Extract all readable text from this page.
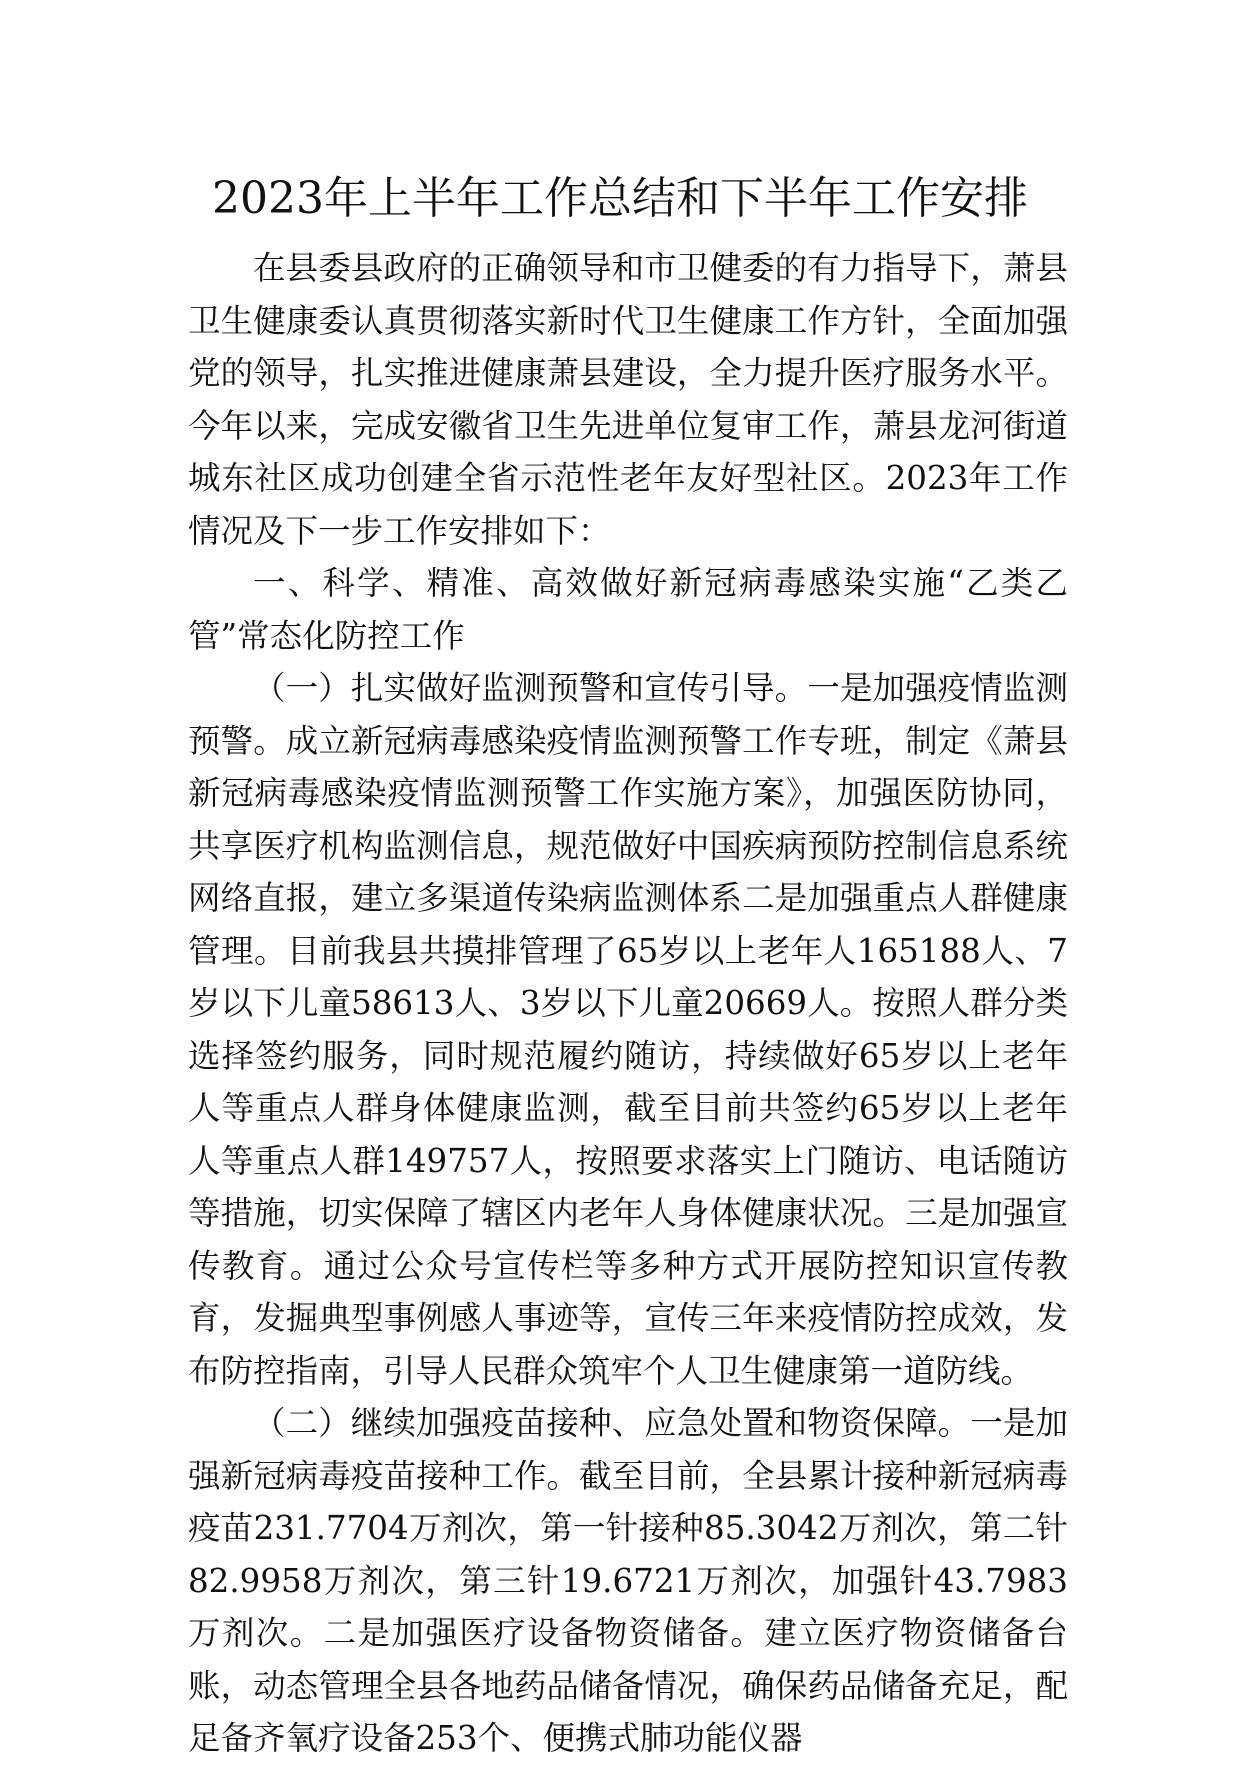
2023年上半年工作总结和下半年工作安排

在县委县政府的正确领导和市卫健委的有力指导下，萧县卫生健康委认真贯彻落实新时代卫生健康工作方针，全面加强党的领导，扎实推进健康萧县建设，全力提升医疗服务水平。今年以来，完成安徽省卫生先进单位复审工作，萧县龙河街道城东社区成功创建全省示范性老年友好型社区。2023年工作情况及下一步工作安排如下：

一、科学、精准、高效做好新冠病毒感染实施“乙类乙管”常态化防控工作

（一）扎实做好监测预警和宣传引导。一是加强疫情监测预警。成立新冠病毒感染疫情监测预警工作专班，制定《萧县新冠病毒感染疫情监测预警工作实施方案》，加强医防协同，共享医疗机构监测信息，规范做好中国疾病预防控制信息系统网络直报，建立多渠道传染病监测体系二是加强重点人群健康管理。目前我县共摸排管理了65岁以上老年人165188人、7岁以下儿童58613人、3岁以下儿童20669人。按照人群分类选择签约服务，同时规范履约随访，持续做好65岁以上老年人等重点人群身体健康监测，截至目前共签约65岁以上老年人等重点人群149757人，按照要求落实上门随访、电话随访等措施，切实保障了辖区内老年人身体健康状况。三是加强宣传教育。通过公众号宣传栏等多种方式开展防控知识宣传教育，发掘典型事例感人事迹等，宣传三年来疫情防控成效，发布防控指南，引导人民群众筑牢个人卫生健康第一道防线。

（二）继续加强疫苗接种、应急处置和物资保障。一是加强新冠病毒疫苗接种工作。截至目前，全县累计接种新冠病毒疫苗231.7704万剂次，第一针接种85.3042万剂次，第二针82.9958万剂次，第三针19.6721万剂次，加强针43.7983万剂次。二是加强医疗设备物资储备。建立医疗物资储备台账，动态管理全县各地药品储备情况，确保药品储备充足，配足备齐氧疗设备253个、便携式肺功能仪器
